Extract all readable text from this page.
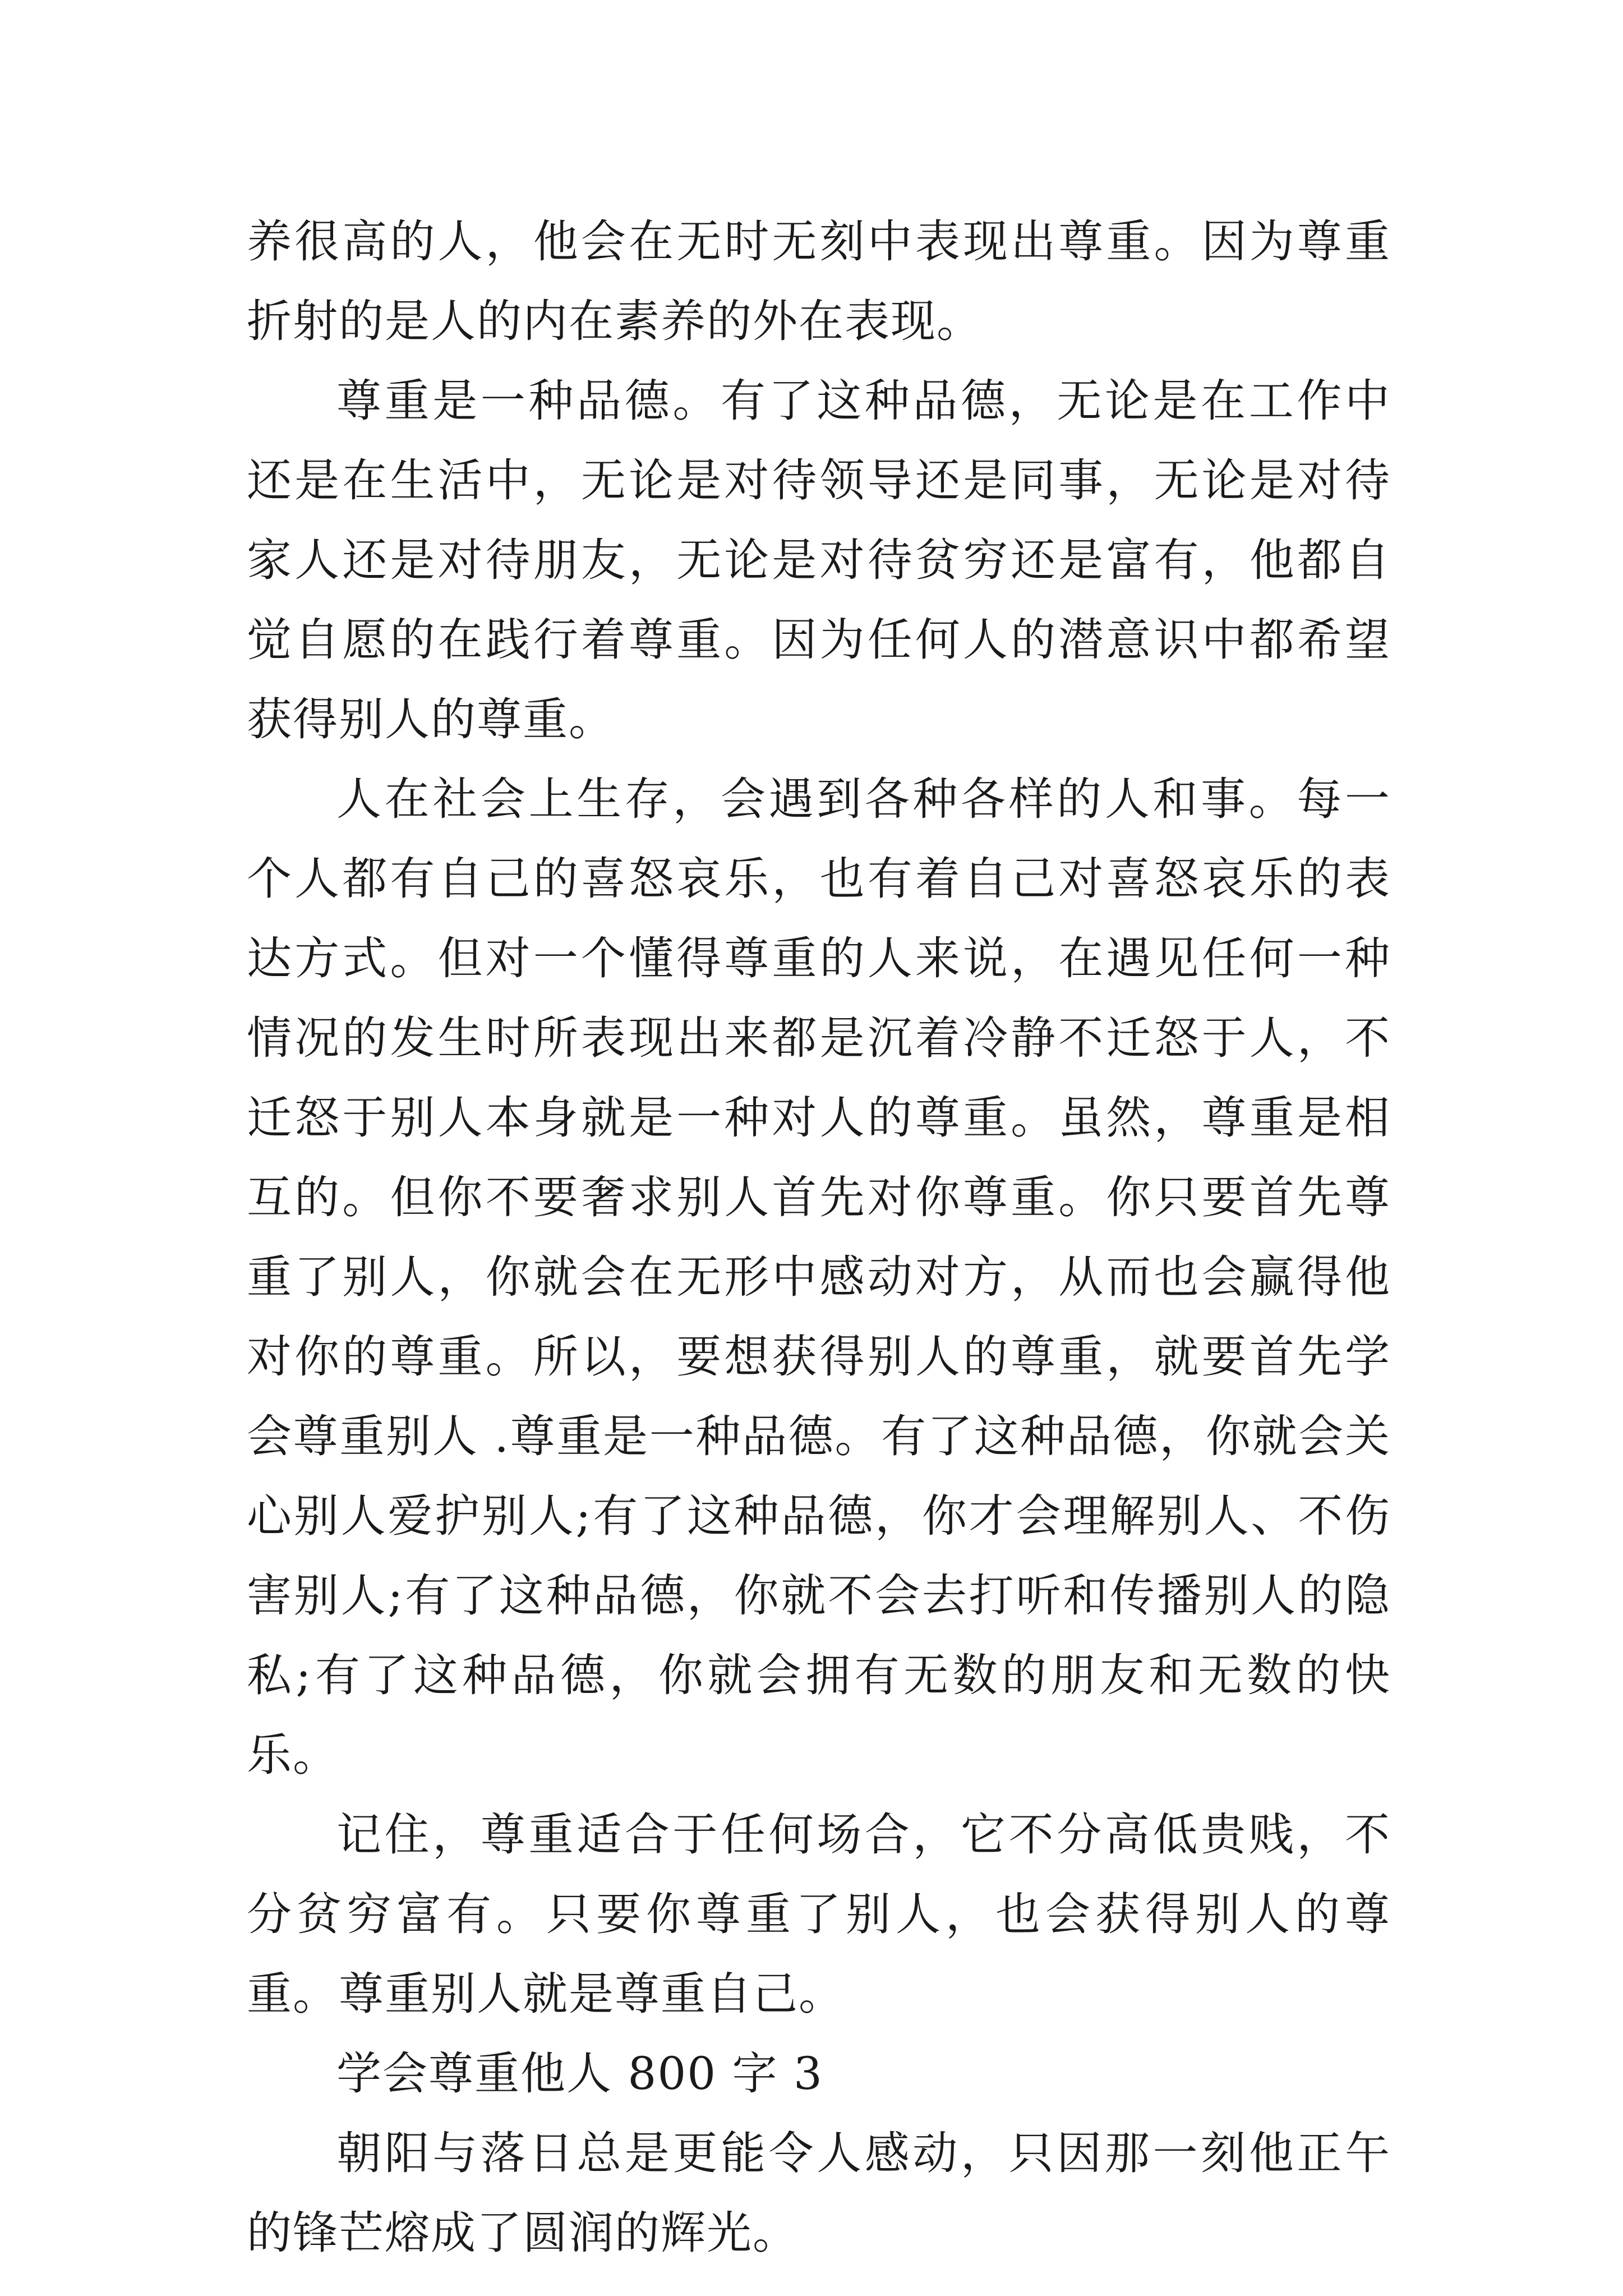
养很高的人，他会在无时无刻中表现出尊重。因为尊重折射的是人的内在素养的外在表现。

尊重是一种品德。有了这种品德，无论是在工作中还是在生活中，无论是对待领导还是同事，无论是对待家人还是对待朋友，无论是对待贫穷还是富有，他都自觉自愿的在践行着尊重。因为任何人的潜意识中都希望获得别人的尊重。

人在社会上生存，会遇到各种各样的人和事。每一个人都有自己的喜怒哀乐，也有着自己对喜怒哀乐的表达方式。但对一个懂得尊重的人来说，在遇见任何一种情况的发生时所表现出来都是沉着冷静不迁怒于人，不迁怒于别人本身就是一种对人的尊重。虽然，尊重是相互的。但你不要奢求别人首先对你尊重。你只要首先尊重了别人，你就会在无形中感动对方，从而也会赢得他对你的尊重。所以，要想获得别人的尊重，就要首先学会尊重别人 .尊重是一种品德。有了这种品德，你就会关心别人爱护别人;有了这种品德，你才会理解别人、不伤害别人;有了这种品德，你就不会去打听和传播别人的隐私;有了这种品德，你就会拥有无数的朋友和无数的快乐。

记住，尊重适合于任何场合，它不分高低贵贱，不分贫穷富有。只要你尊重了别人，也会获得别人的尊重。尊重别人就是尊重自己。

学会尊重他人 800 字 3

朝阳与落日总是更能令人感动，只因那一刻他正午的锋芒熔成了圆润的辉光。
